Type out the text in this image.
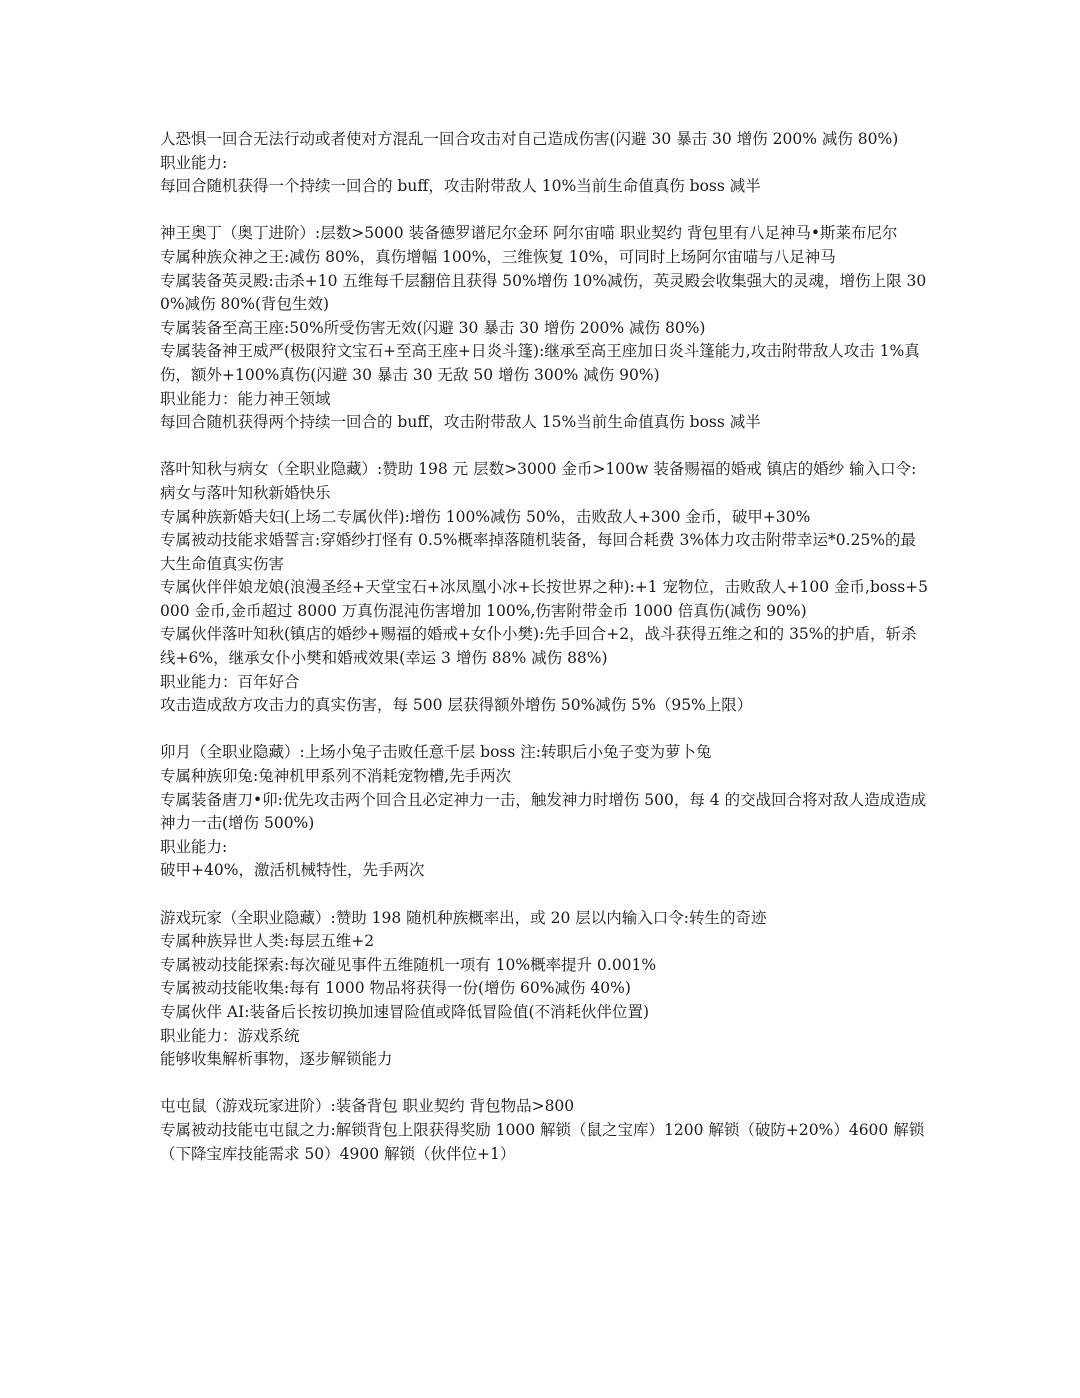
人恐惧一回合无法行动或者使对方混乱一回合攻击对自己造成伤害(闪避 30 暴击 30 增伤 200% 减伤 80%)
职业能力:
每回合随机获得一个持续一回合的 buff，攻击附带敌人 10%当前生命值真伤 boss 减半
神王奥丁（奥丁进阶）:层数>5000 装备德罗谱尼尔金环 阿尔宙喵 职业契约 背包里有八足神马•斯莱布尼尔
专属种族众神之王:减伤 80%，真伤增幅 100%，三维恢复 10%，可同时上场阿尔宙喵与八足神马
专属装备英灵殿:击杀+10 五维每千层翻倍且获得 50%增伤 10%减伤，英灵殿会收集强大的灵魂，增伤上限 300%减伤 80%(背包生效)
专属装备至高王座:50%所受伤害无效(闪避 30 暴击 30 增伤 200% 减伤 80%)
专属装备神王威严(极限狩文宝石+至高王座+日炎斗篷):继承至高王座加日炎斗篷能力,攻击附带敌人攻击 1%真伤，额外+100%真伤(闪避 30 暴击 30 无敌 50 增伤 300% 减伤 90%)
职业能力：能力神王领域
每回合随机获得两个持续一回合的 buff，攻击附带敌人 15%当前生命值真伤 boss 减半
落叶知秋与病女（全职业隐藏）:赞助 198 元 层数>3000 金币>100w 装备赐福的婚戒 镇店的婚纱 输入口令:病女与落叶知秋新婚快乐
专属种族新婚夫妇(上场二专属伙伴):增伤 100%减伤 50%，击败敌人+300 金币，破甲+30%
专属被动技能求婚誓言:穿婚纱打怪有 0.5%概率掉落随机装备，每回合耗费 3%体力攻击附带幸运*0.25%的最大生命值真实伤害
专属伙伴伴娘龙娘(浪漫圣经+天堂宝石+冰凤凰小冰+长按世界之种):+1 宠物位，击败敌人+100 金币,boss+5000 金币,金币超过 8000 万真伤混沌伤害增加 100%,伤害附带金币 1000 倍真伤(减伤 90%)
专属伙伴落叶知秋(镇店的婚纱+赐福的婚戒+女仆小樊):先手回合+2，战斗获得五维之和的 35%的护盾，斩杀线+6%，继承女仆小樊和婚戒效果(幸运 3 增伤 88% 减伤 88%)
职业能力：百年好合
攻击造成敌方攻击力的真实伤害，每 500 层获得额外增伤 50%减伤 5%（95%上限）
卯月（全职业隐藏）:上场小兔子击败任意千层 boss 注:转职后小兔子变为萝卜兔
专属种族卯兔:兔神机甲系列不消耗宠物槽,先手两次
专属装备唐刀•卯:优先攻击两个回合且必定神力一击，触发神力时增伤 500，每 4 的交战回合将对敌人造成造成神力一击(增伤 500%)
职业能力:
破甲+40%，激活机械特性，先手两次
游戏玩家（全职业隐藏）:赞助 198 随机种族概率出，或 20 层以内输入口令:转生的奇迹
专属种族异世人类:每层五维+2
专属被动技能探索:每次碰见事件五维随机一项有 10%概率提升 0.001%
专属被动技能收集:每有 1000 物品将获得一份(增伤 60%减伤 40%)
专属伙伴 AI:装备后长按切换加速冒险值或降低冒险值(不消耗伙伴位置)
职业能力：游戏系统
能够收集解析事物，逐步解锁能力
屯屯鼠（游戏玩家进阶）:装备背包 职业契约 背包物品>800
专属被动技能屯屯鼠之力:解锁背包上限获得奖励 1000 解锁（鼠之宝库）1200 解锁（破防+20%）4600 解锁（下降宝库技能需求 50）4900 解锁（伙伴位+1）
